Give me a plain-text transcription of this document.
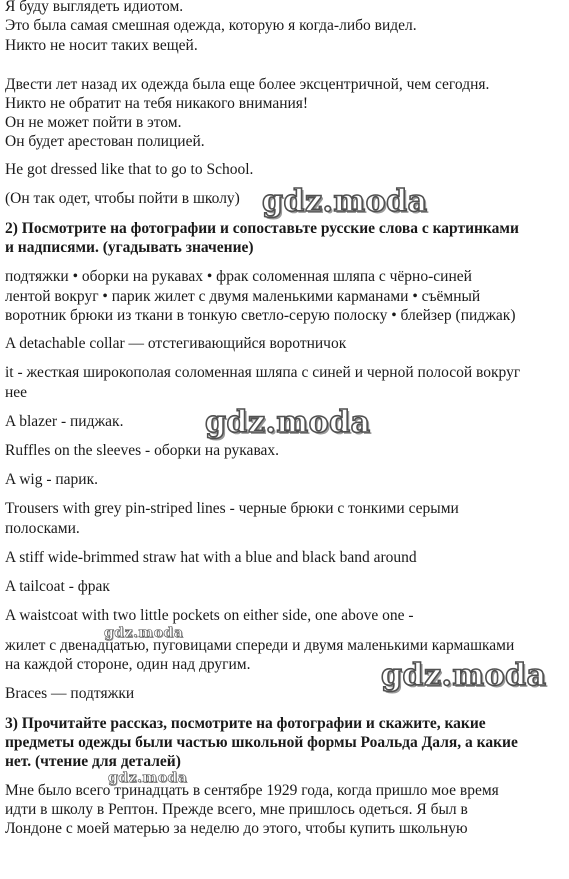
Я буду выглядеть идиотом.
Это была самая смешная одежда, которую я когда-либо видел.
Никто не носит таких вещей.
Двести лет назад их одежда была еще более эксцентричной, чем сегодня.
Никто не обратит на тебя никакого внимания!
Он не может пойти в этом.
Он будет арестован полицией.
He got dressed like that to go to School.
(Он так одет, чтобы пойти в школу)
2) Посмотрите на фотографии и сопоставьте русские слова с картинками
и надписями. (угадывать значение)
подтяжки • оборки на рукавах • фрак соломенная шляпа с чёрно-синей
лентой вокруг • парик жилет с двумя маленькими карманами • съёмный
воротник брюки из ткани в тонкую светло-серую полоску • блейзер (пиджак)
A detachable collar — отстегивающийся воротничок
it - жесткая широкополая соломенная шляпа с синей и черной полосой вокруг
нее
A blazer - пиджак.
Ruffles on the sleeves - оборки на рукавах.
A wig - парик.
Trousers with grey pin-striped lines - черные брюки с тонкими серыми
полосками.
A stiff wide-brimmed straw hat with a blue and black band around
A tailcoat - фрак
A waistcoat with two little pockets on either side, one above one -
жилет с двенадцатью, пуговицами спереди и двумя маленькими кармашками
на каждой стороне, один над другим.
Braces — подтяжки
3) Прочитайте рассказ, посмотрите на фотографии и скажите, какие
предметы одежды были частью школьной формы Роальда Даля, а какие
нет. (чтение для деталей)
Мне было всего тринадцать в сентябре 1929 года, когда пришло мое время
идти в школу в Рептон. Прежде всего, мне пришлось одеться. Я был в
Лондоне с моей матерью за неделю до этого, чтобы купить школьную
gdz.moda
gdz.moda
gdz.moda
gdz.moda
gdz.moda
